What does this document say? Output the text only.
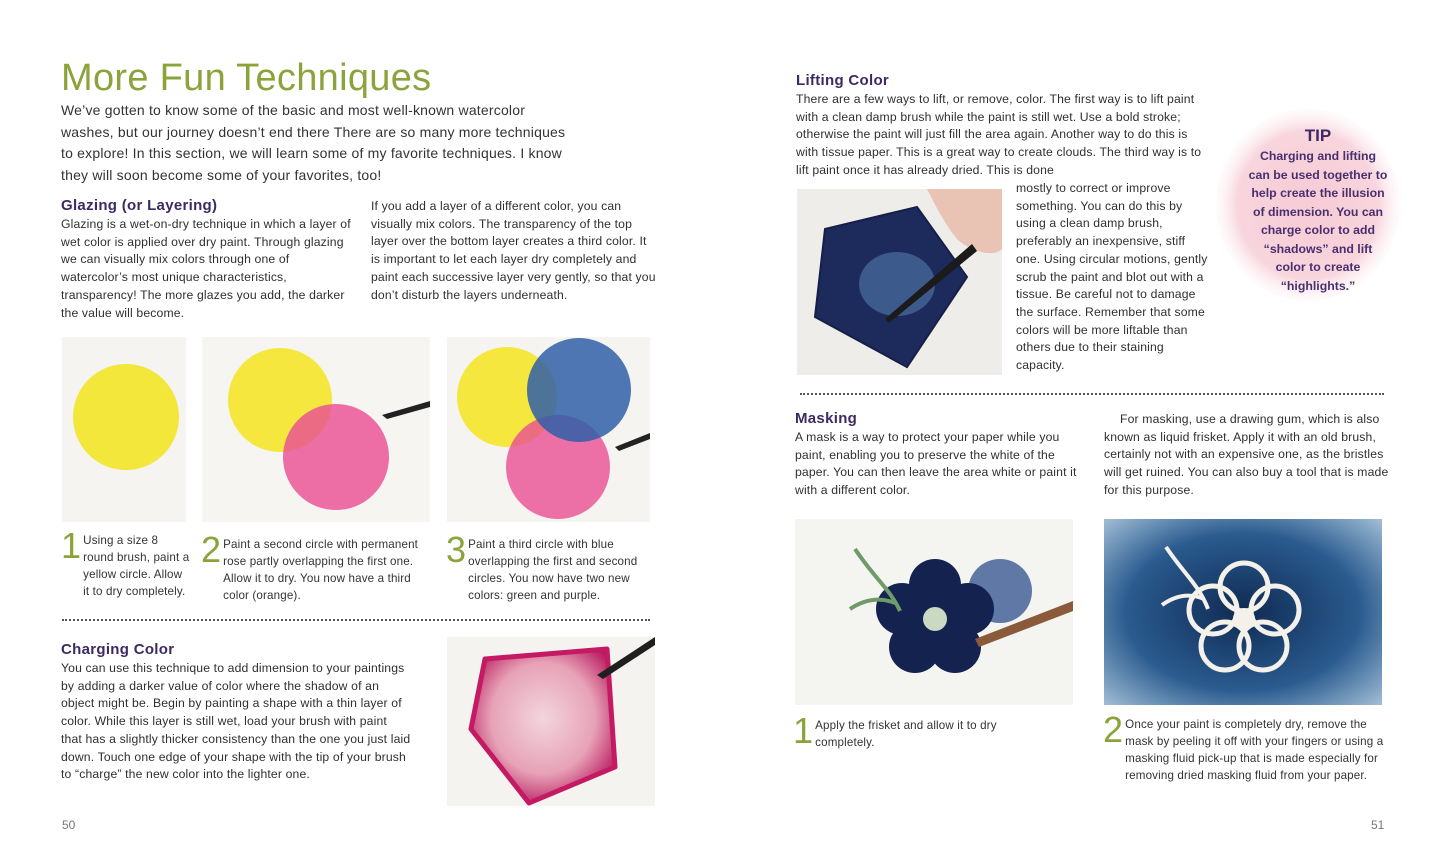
More Fun Techniques
We’ve gotten to know some of the basic and most well-known watercolor washes, but our journey doesn’t end there There are so many more techniques to explore! In this section, we will learn some of my favorite techniques. I know they will soon become some of your favorites, too!
Glazing (or Layering)
Glazing is a wet-on-dry technique in which a layer of wet color is applied over dry paint. Through glazing we can visually mix colors through one of watercolor’s most unique characteristics, transparency! The more glazes you add, the darker the value will become.
If you add a layer of a different color, you can visually mix colors. The transparency of the top layer over the bottom layer creates a third color. It is important to let each layer dry completely and paint each successive layer very gently, so that you don’t disturb the layers underneath.
1 Using a size 8 round brush, paint a yellow circle. Allow it to dry completely.
2 Paint a second circle with permanent rose partly overlapping the first one. Allow it to dry. You now have a third color (orange).
3 Paint a third circle with blue overlapping the first and second circles. You now have two new colors: green and purple.
Charging Color
You can use this technique to add dimension to your paintings by adding a darker value of color where the shadow of an object might be. Begin by painting a shape with a thin layer of color. While this layer is still wet, load your brush with paint that has a slightly thicker consistency than the one you just laid down. Touch one edge of your shape with the tip of your brush to “charge” the new color into the lighter one.
50
Lifting Color
There are a few ways to lift, or remove, color. The first way is to lift paint with a clean damp brush while the paint is still wet. Use a bold stroke; otherwise the paint will just fill the area again. Another way to do this is with tissue paper. This is a great way to create clouds. The third way is to lift paint once it has already dried. This is done
mostly to correct or improve something. You can do this by using a clean damp brush, preferably an inexpensive, stiff one. Using circular motions, gently scrub the paint and blot out with a tissue. Be careful not to damage the surface. Remember that some colors will be more liftable than others due to their staining capacity.
TIP
Charging and lifting can be used together to help create the illusion of dimension. You can charge color to add “shadows” and lift color to create “highlights.”
Masking
A mask is a way to protect your paper while you paint, enabling you to preserve the white of the paper. You can then leave the area white or paint it with a different color.
For masking, use a drawing gum, which is also known as liquid frisket. Apply it with an old brush, certainly not with an expensive one, as the bristles will get ruined. You can also buy a tool that is made for this purpose.
1 Apply the frisket and allow it to dry completely.	2 Once your paint is completely dry, remove the mask by peeling it off with your fingers or using a masking fluid pick-up that is made especially for removing dried masking fluid from your paper.
51
